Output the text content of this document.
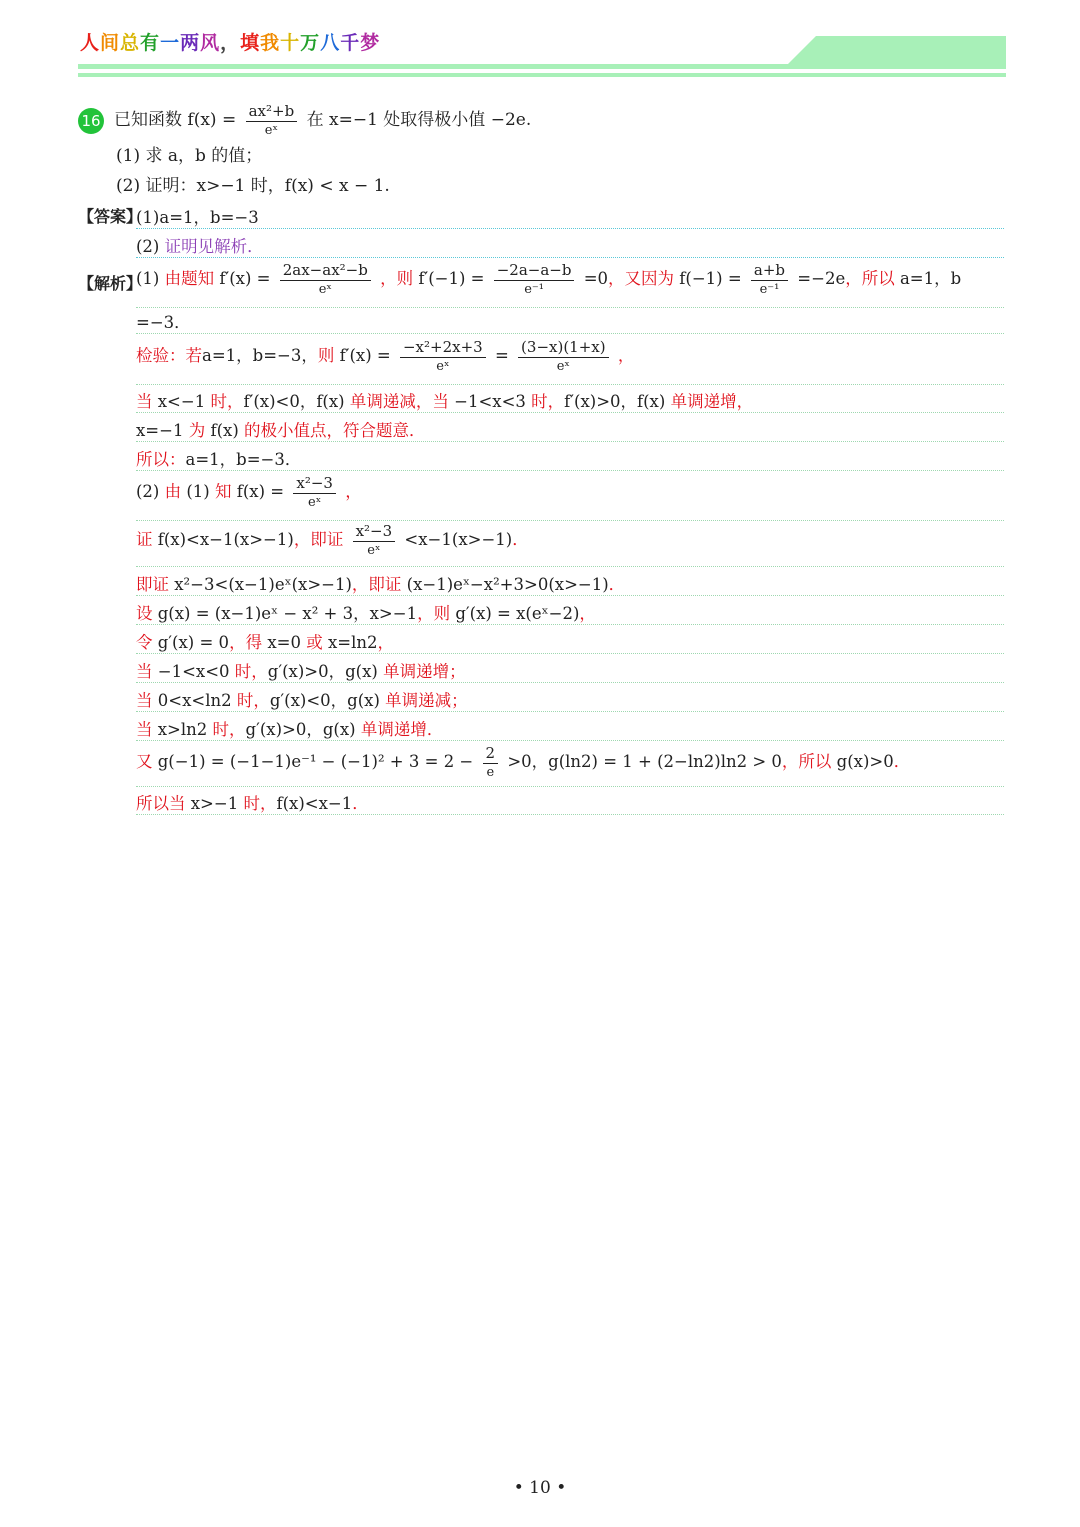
人间总有一两风，填我十万八千梦
16 已知函数 $f(x) = \frac{\text{ax²+b}}{\text{eˣ}}$ 在 x=−1 处取得极小值 −2e.
(1) 求 a，b 的值；
(2) 证明：x>−1 时，f(x) < x − 1.
【答案】
(1)a=1，b=−3
(2) 证明见解析．
【解析】
(1) 由题知 $f'(x) = \frac{\text{2ax−ax²−b}}{\text{eˣ}}$ ，则 $f'(-1) = \frac{-2a-a-b}{\text{e⁻¹}} =0$，又因为 $f(-1) = \frac{a+b}{\text{e⁻¹}} =-2e$，所以 a=1，b
=−3．
检验：若a=1，b=−3，则 $f'(x) = \frac{\text{−x²+2x+3}}{\text{eˣ}} = \frac{(3-x)(1+x)}{\text{eˣ}}$ ，
当 x<−1 时，f′(x)<0，f(x) 单调递减，当 −1<x<3 时，f′(x)>0，f(x) 单调递增，
x=−1 为 f(x) 的极小值点，符合题意．
所以：a=1，b=−3．
(2) 由 (1) 知 $f(x) = \frac{\text{x²−3}}{\text{eˣ}}$ ，
证 f(x)<x−1(x>−1)，即证 $\frac{\text{x²−3}}{\text{eˣ}} <x-1(x>-1)$．
即证 x²−3<(x−1)eˣ(x>−1)，即证 (x−1)eˣ−x²+3>0(x>−1)．
设 g(x) = (x−1)eˣ − x² + 3，x>−1，则 g′(x) = x(eˣ−2)，
令 g′(x) = 0，得 x=0 或 x=ln2，
当 −1<x<0 时，g′(x)>0，g(x) 单调递增；
当 0<x<ln2 时，g′(x)<0，g(x) 单调递减；
当 x>ln2 时，g′(x)>0，g(x) 单调递增．
又 $g(-1) = (-1-1)e^{-1} - (-1)^2 + 3 = 2 - \frac{2}{e} >0$，g(ln2) = 1 + (2−ln2)ln2 > 0，所以 g(x)>0．
所以当 x>−1 时，f(x)<x−1．
• 10 •
